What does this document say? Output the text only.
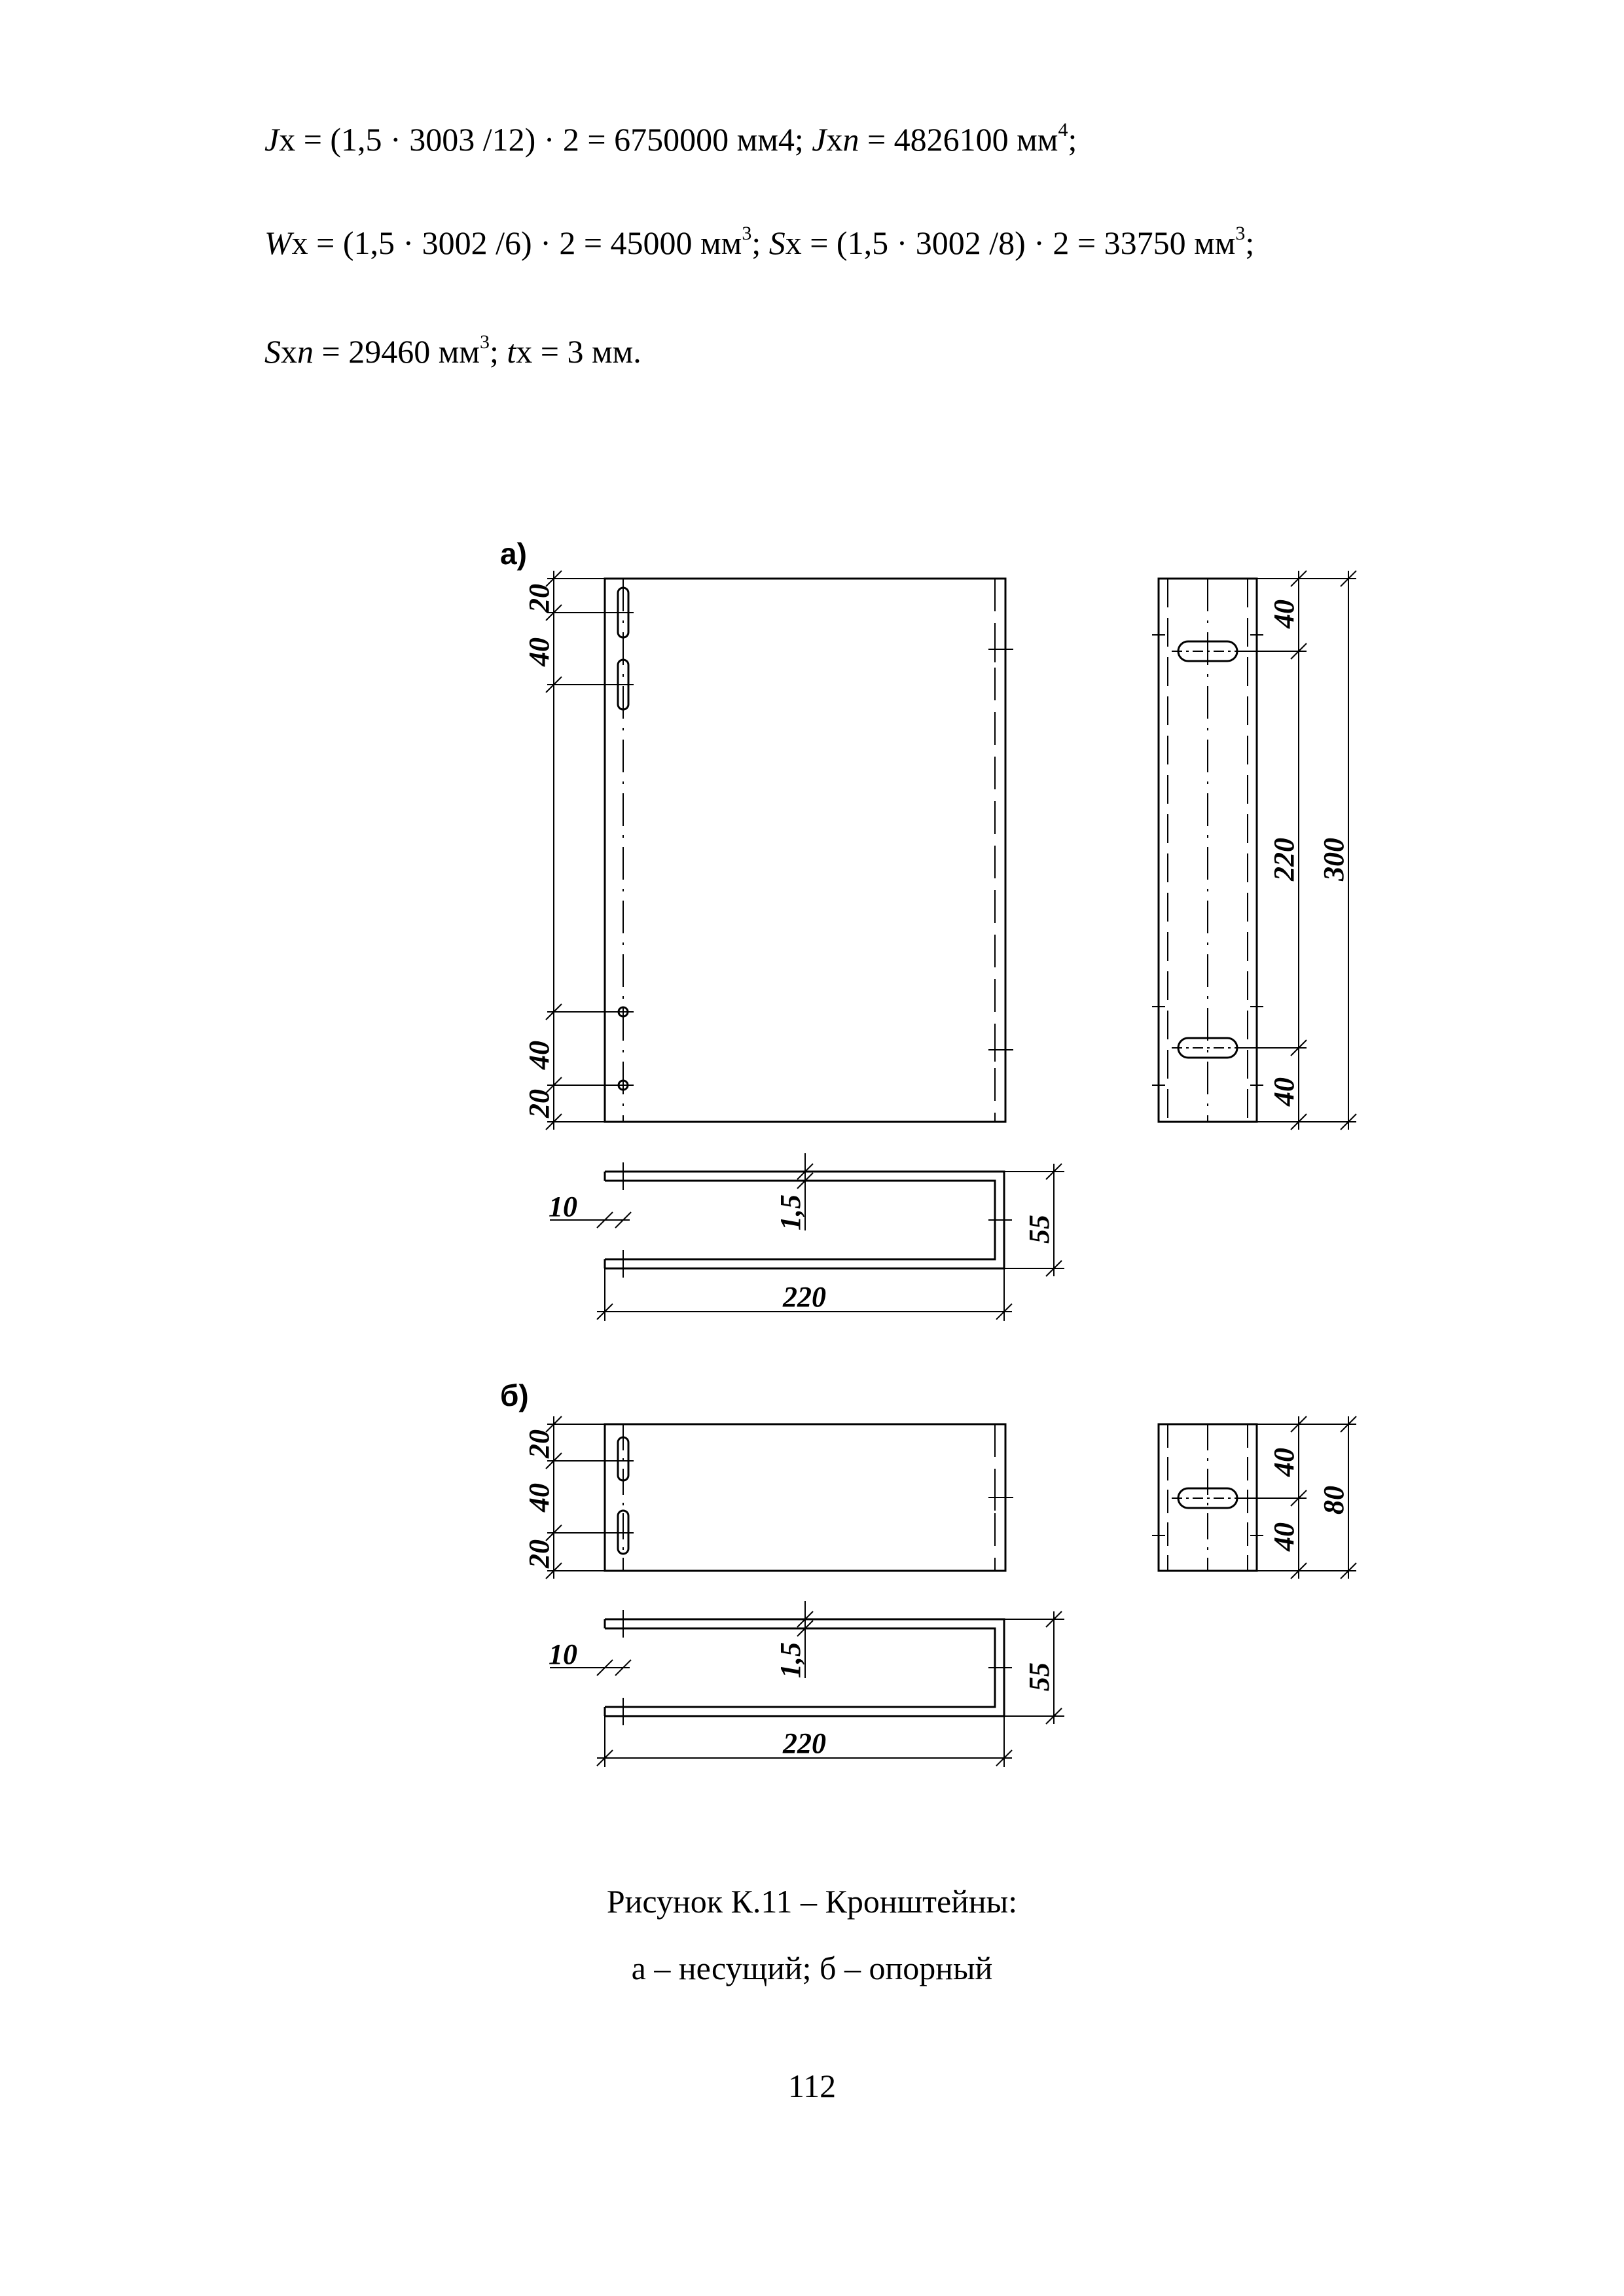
Jx = (1,5 · 3003 /12) · 2 = 6750000 мм4; Jxn = 4826100 $мм^4$;
Wx = (1,5 · 3002 /6) · 2 = 45000 $мм^3$; Sx = (1,5 · 3002 /8) · 2 = 33750 $мм^3$;
Sxn = 29460 $мм^3$; tx = 3 мм.
а)
б)
20
40
40
20
40
220
40
300
10	1,5	55
220
20
40
20
40
40
80
10	1,5	55
220
Рисунок К.11 – Кронштейны:
а – несущий; б – опорный
112
